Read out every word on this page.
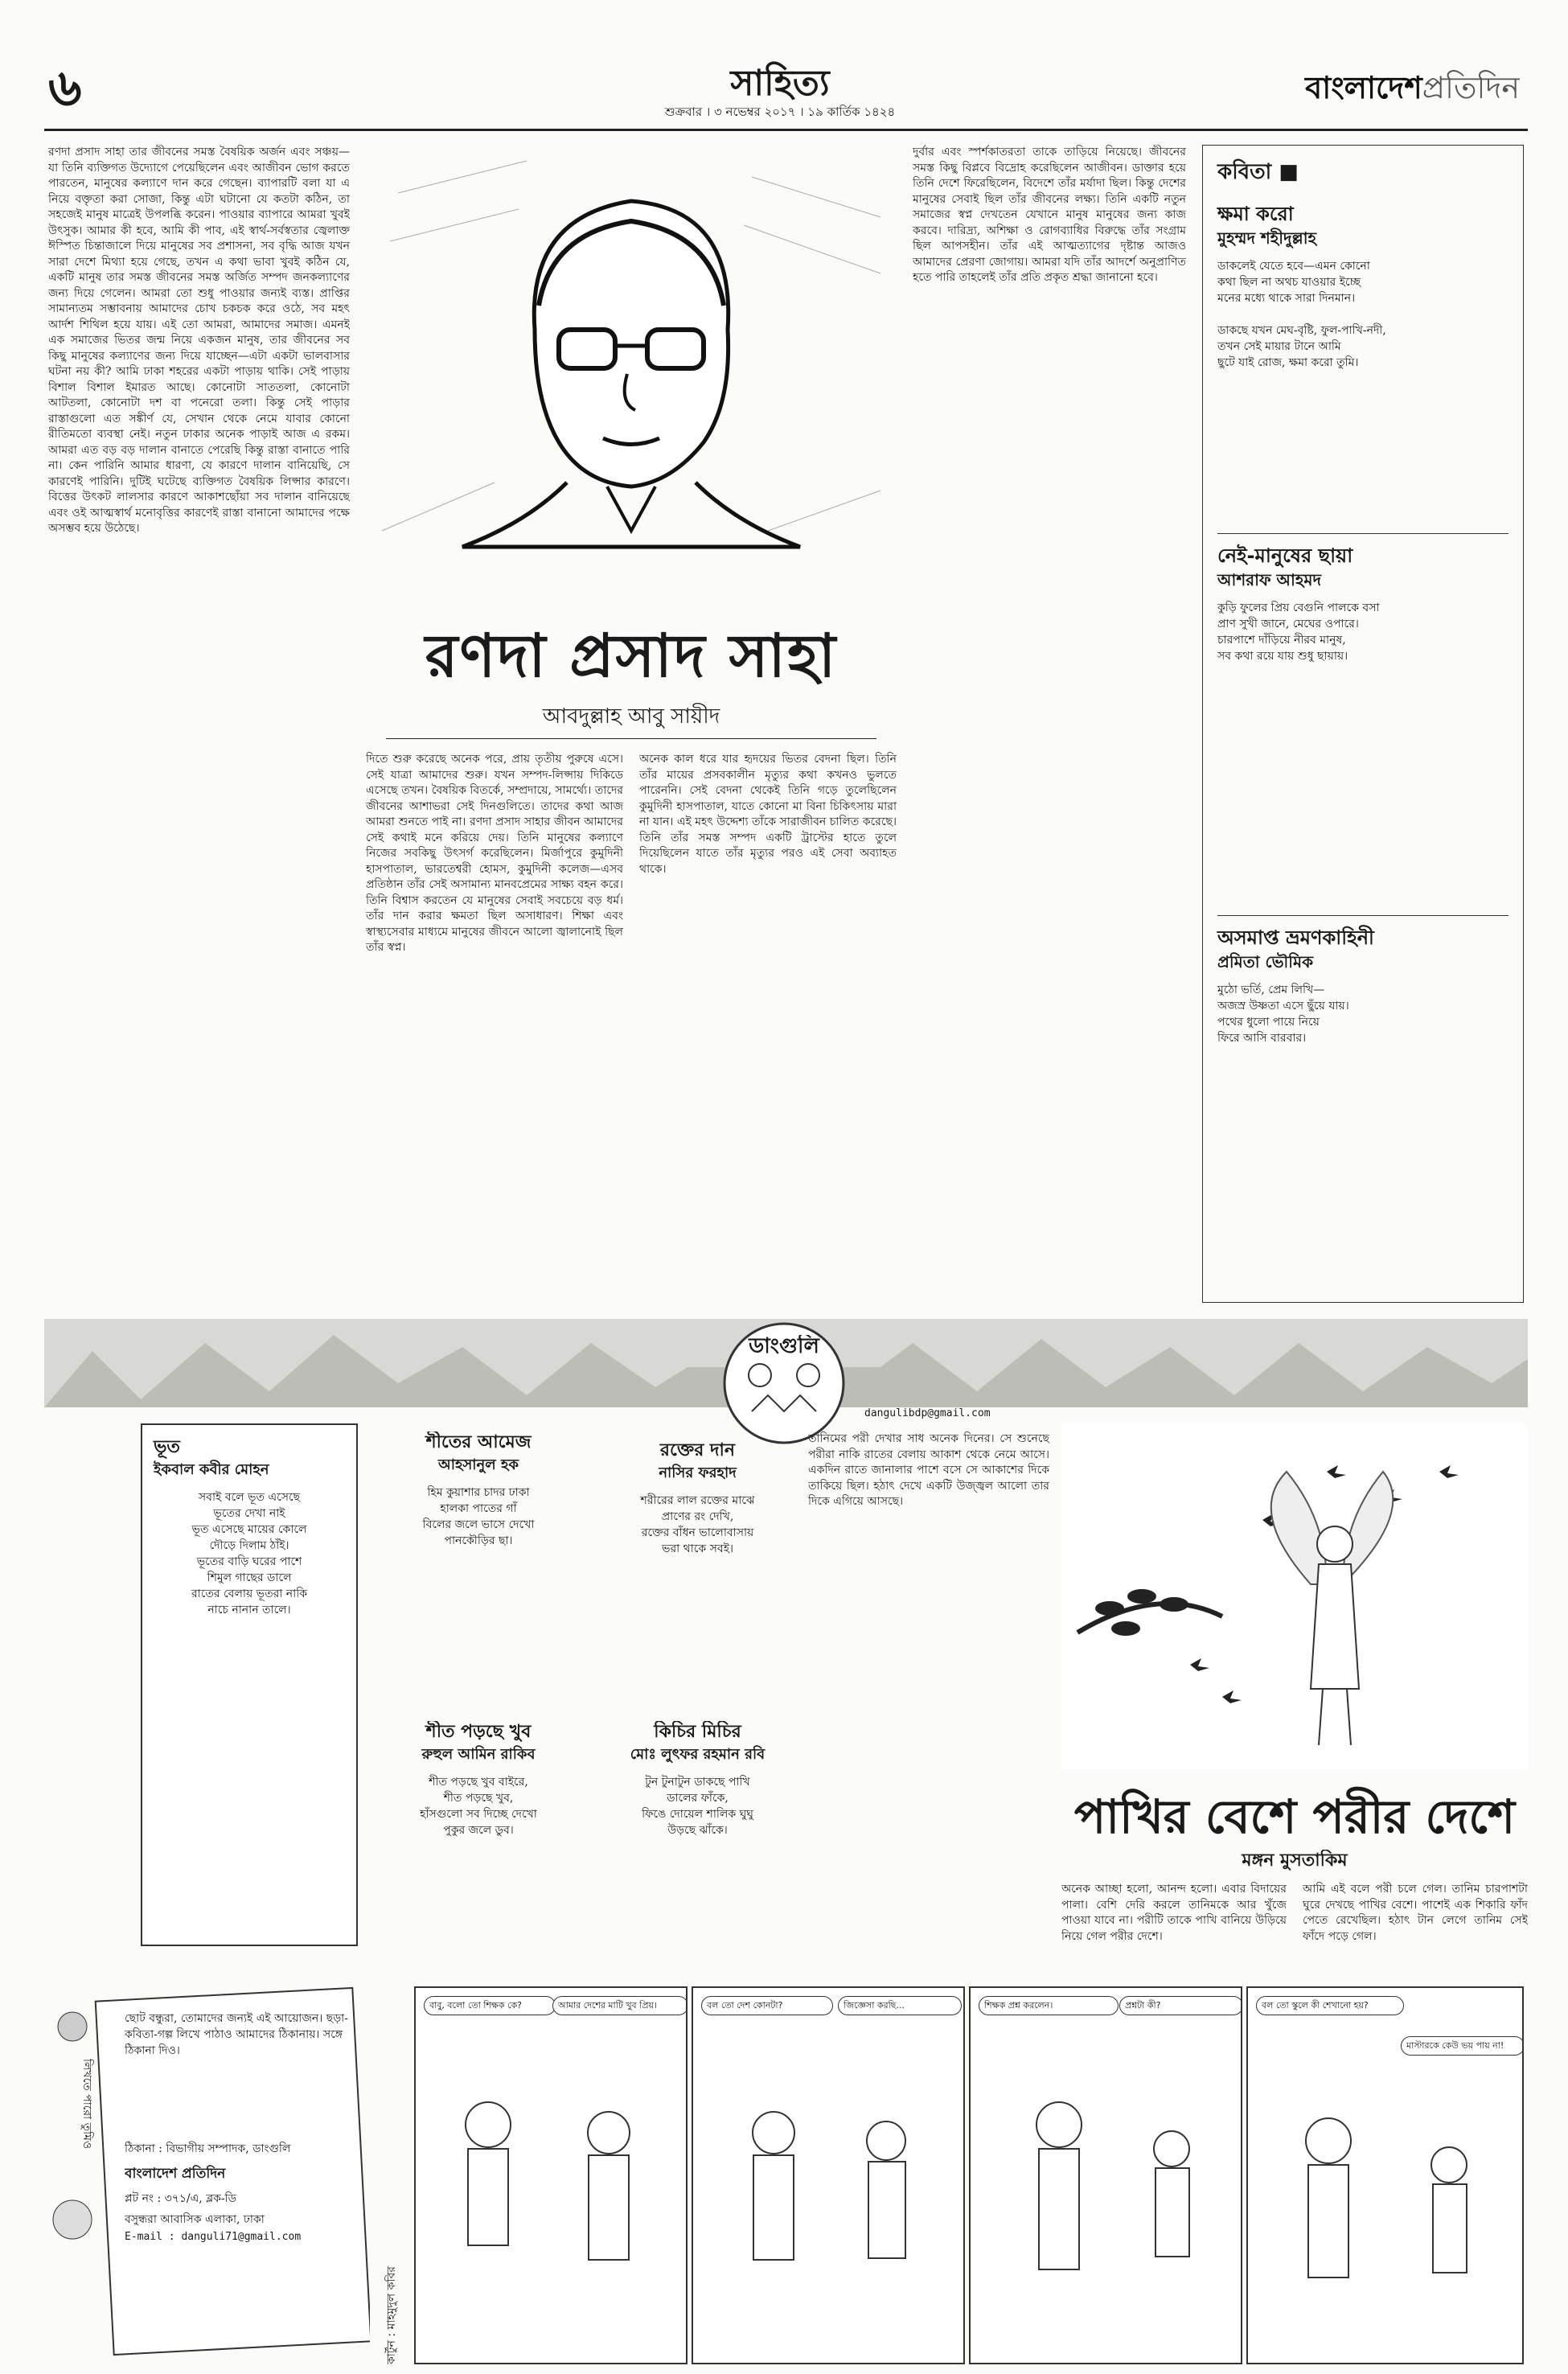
৬	সাহিত্য
শুক্রবার । ৩ নভেম্বর ২০১৭ । ১৯ কার্তিক ১৪২৪
বাংলাদেশপ্রতিদিন
রণদা প্রসাদ সাহা তার জীবনের সমস্ত বৈষয়িক অর্জন এবং সঞ্চয়—যা তিনি ব্যক্তিগত উদ্যোগে পেয়েছিলেন এবং আজীবন ভোগ করতে পারতেন, মানুষের কল্যাণে দান করে গেছেন। ব্যাপারটি বলা যা এ নিয়ে বক্তৃতা করা সোজা, কিন্তু এটা ঘটানো যে কতটা কঠিন, তা সহজেই মানুষ মাত্রেই উপলব্ধি করেন। পাওয়ার ব্যাপারে আমরা খুবই উৎসুক। আমার কী হবে, আমি কী পাব, এই স্বার্থ-সর্বস্বতার জ্বেলাক্ত ঈস্পিত চিন্তাজালে দিয়ে মানুষের সব প্রশাসনা, সব বৃদ্ধি আজ যখন সারা দেশে মিথ্যা হয়ে গেছে, তখন এ কথা ভাবা খুবই কঠিন যে, একটি মানুষ তার সমস্ত জীবনের সমস্ত অর্জিত সম্পদ জনকল্যাণের জন্য দিয়ে গেলেন। আমরা তো শুধু পাওয়ার জন্যই ব্যস্ত। প্রাপ্তির সামান্যতম সম্ভাবনায় আমাদের চোখ চকচক করে ওঠে, সব মহৎ আর্দশ শিথিল হয়ে যায়। এই তো আমরা, আমাদের সমাজ। এমনই এক সমাজের ভিতর জন্ম নিয়ে একজন মানুষ, তার জীবনের সব কিছু মানুষের কল্যাণের জন্য দিয়ে যাচ্ছেন—এটা একটা ভালবাসার ঘটনা নয় কী? আমি ঢাকা শহরের একটা পাড়ায় থাকি। সেই পাড়ায় বিশাল বিশাল ইমারত আছে। কোনোটা সাততলা, কোনোটা আটতলা, কোনোটা দশ বা পনেরো তলা। কিন্তু সেই পাড়ার রাস্তাগুলো এত সঙ্কীর্ণ যে, সেখান থেকে নেমে যাবার কোনো রীতিমতো ব্যবস্থা নেই। নতুন ঢাকার অনেক পাড়াই আজ এ রকম। আমরা এত বড় বড় দালান বানাতে পেরেছি কিন্তু রাস্তা বানাতে পারি না। কেন পারিনি আমার ধারণা, যে কারণে দালান বানিয়েছি, সে কারণেই পারিনি। দুটিই ঘটেছে ব্যক্তিগত বৈষয়িক লিপ্সার কারণে। বিত্তের উৎকট লালসার কারণে আকাশছোঁয়া সব দালান বানিয়েছে এবং ওই আত্মস্বার্থ মনোবৃত্তির কারণেই রাস্তা বানানো আমাদের পক্ষে অসম্ভব হয়ে উঠেছে।
রণদা প্রসাদ সাহা
আবদুল্লাহ আবু সায়ীদ
দিতে শুরু করেছে অনেক পরে, প্রায় তৃতীয় পুরুষে এসে। সেই যাত্রা আমাদের শুরু। যখন সম্পদ-লিপ্সায় দিকিডে এসেছে তখন। বৈষয়িক বিতর্কে, সম্প্রদায়ে, সামর্থ্যে। তাদের জীবনের আশাভরা সেই দিনগুলিতে। তাদের কথা আজ আমরা শুনতে পাই না। রণদা প্রসাদ সাহার জীবন আমাদের সেই কথাই মনে করিয়ে দেয়। তিনি মানুষের কল্যাণে নিজের সবকিছু উৎসর্গ করেছিলেন। মির্জাপুরে কুমুদিনী হাসপাতাল, ভারতেশ্বরী হোমস, কুমুদিনী কলেজ—এসব প্রতিষ্ঠান তাঁর সেই অসামান্য মানবপ্রেমের সাক্ষ্য বহন করে। তিনি বিশ্বাস করতেন যে মানুষের সেবাই সবচেয়ে বড় ধর্ম। তাঁর দান করার ক্ষমতা ছিল অসাধারণ। শিক্ষা এবং স্বাস্থ্যসেবার মাধ্যমে মানুষের জীবনে আলো জ্বালানোই ছিল তাঁর স্বপ্ন।
অনেক কাল ধরে যার হৃদয়ের ভিতর বেদনা ছিল। তিনি তাঁর মায়ের প্রসবকালীন মৃত্যুর কথা কখনও ভুলতে পারেননি। সেই বেদনা থেকেই তিনি গড়ে তুলেছিলেন কুমুদিনী হাসপাতাল, যাতে কোনো মা বিনা চিকিৎসায় মারা না যান। এই মহৎ উদ্দেশ্য তাঁকে সারাজীবন চালিত করেছে। তিনি তাঁর সমস্ত সম্পদ একটি ট্রাস্টের হাতে তুলে দিয়েছিলেন যাতে তাঁর মৃত্যুর পরও এই সেবা অব্যাহত থাকে।
দুর্বার এবং স্পর্শকাতরতা তাকে তাড়িয়ে নিয়েছে। জীবনের সমস্ত কিছু বিপ্লবে বিদ্রোহ করেছিলেন আজীবন। ডাক্তার হয়ে তিনি দেশে ফিরেছিলেন, বিদেশে তাঁর মর্যাদা ছিল। কিন্তু দেশের মানুষের সেবাই ছিল তাঁর জীবনের লক্ষ্য। তিনি একটি নতুন সমাজের স্বপ্ন দেখতেন যেখানে মানুষ মানুষের জন্য কাজ করবে। দারিদ্র্য, অশিক্ষা ও রোগব্যাধির বিরুদ্ধে তাঁর সংগ্রাম ছিল আপসহীন। তাঁর এই আত্মত্যাগের দৃষ্টান্ত আজও আমাদের প্রেরণা জোগায়। আমরা যদি তাঁর আদর্শে অনুপ্রাণিত হতে পারি তাহলেই তাঁর প্রতি প্রকৃত শ্রদ্ধা জানানো হবে।
কবিতা ■
ক্ষমা করো
মুহম্মদ শহীদুল্লাহ
ডাকলেই যেতে হবে—এমন কোনো
কথা ছিল না অথচ যাওয়ার ইচ্ছে
মনের মধ্যে থাকে সারা দিনমান।

ডাকছে যখন মেঘ-বৃষ্টি, ফুল-পাখি-নদী,
তখন সেই মায়ার টানে আমি
ছুটে যাই রোজ, ক্ষমা করো তুমি।
নেই-মানুষের ছায়া
আশরাফ আহমদ
কুড়ি ফুলের প্রিয় বেগুনি পালকে বসা
প্রাণ সুখী জানে, মেঘের ওপারে।
চারপাশে দাঁড়িয়ে নীরব মানুষ,
সব কথা রয়ে যায় শুধু ছায়ায়।
অসমাপ্ত ভ্রমণকাহিনী
প্রমিতা ভৌমিক
মুঠো ভর্তি, প্রেম লিখি—
অজস্র উষ্ণতা এসে ছুঁয়ে যায়।
পথের ধুলো পায়ে নিয়ে
ফিরে আসি বারবার।
ডাংগুলি
dangulibdp@gmail.com
ভূত
ইকবাল কবীর মোহন
সবাই বলে ভূত এসেছে
ভূতের দেখা নাই
ভূত এসেছে মায়ের কোলে
দৌড়ে দিলাম ঠাঁই।
ভূতের বাড়ি ঘরের পাশে
শিমুল গাছের ডালে
রাতের বেলায় ভূতরা নাকি
নাচে নানান তালে।
শীতের আমেজ
আহসানুল হক
হিম কুয়াশার চাদর ঢাকা
হালকা পাতের গাঁ
বিলের জলে ভাসে দেখো
পানকৌড়ির ছা।
শীত পড়ছে খুব
রুহুল আমিন রাকিব
শীত পড়ছে খুব বাইরে,
শীত পড়ছে খুব,
হাঁসগুলো সব দিচ্ছে দেখো
পুকুর জলে ডুব।
রক্তের দান
নাসির ফরহাদ
শরীরের লাল রক্তের মাঝে
প্রাণের রং দেখি,
রক্তের বাঁধন ভালোবাসায়
ভরা থাকে সবই।
কিচির মিচির
মোঃ লুৎফর রহমান রবি
টুন টুনাটুন ডাকছে পাখি
ডালের ফাঁকে,
ফিঙে দোয়েল শালিক ঘুঘু
উড়ছে ঝাঁকে।
তানিমের পরী দেখার সাধ অনেক দিনের। সে শুনেছে পরীরা নাকি রাতের বেলায় আকাশ থেকে নেমে আসে। একদিন রাতে জানালার পাশে বসে সে আকাশের দিকে তাকিয়ে ছিল। হঠাৎ দেখে একটি উজ্জ্বল আলো তার দিকে এগিয়ে আসছে।
পাখির বেশে পরীর দেশে
মঙ্গন মুসতাকিম
অনেক আচ্ছা হলো, আনন্দ হলো। এবার বিদায়ের পালা। বেশি দেরি করলে তানিমকে আর খুঁজে পাওয়া যাবে না। পরীটি তাকে পাখি বানিয়ে উড়িয়ে নিয়ে গেল পরীর দেশে।
আমি এই বলে পরী চলে গেল। তানিম চারপাশটা ঘুরে দেখছে পাখির বেশে। পাশেই এক শিকারি ফাঁদ পেতে রেখেছিল। হঠাৎ টান লেগে তানিম সেই ফাঁদে পড়ে গেল।
লিখতে পারো তুমিও
ছোট বন্ধুরা, তোমাদের জন্যই এই আয়োজন। ছড়া-কবিতা-গল্প লিখে পাঠাও আমাদের ঠিকানায়। সঙ্গে ঠিকানা দিও।
ঠিকানা : বিভাগীয় সম্পাদক, ডাংগুলি
বাংলাদেশ প্রতিদিন
প্লট নং : ৩৭১/এ, ব্লক-ডি
বসুন্ধরা আবাসিক এলাকা, ঢাকা
E-mail : danguli71@gmail.com
কার্টুন : মাহমুদুল কবির
বাবু, বলো তো শিক্ষক কে?	আমার দেশের মাটি খুব প্রিয়।	বল তো দেশ কোনটা?	জিজ্ঞেসা করছি...	শিক্ষক প্রশ্ন করলেন।	প্রশ্নটা কী?	বল তো স্কুলে কী শেখানো হয়?
মাস্টারকে কেউ ভয় পায় না!
